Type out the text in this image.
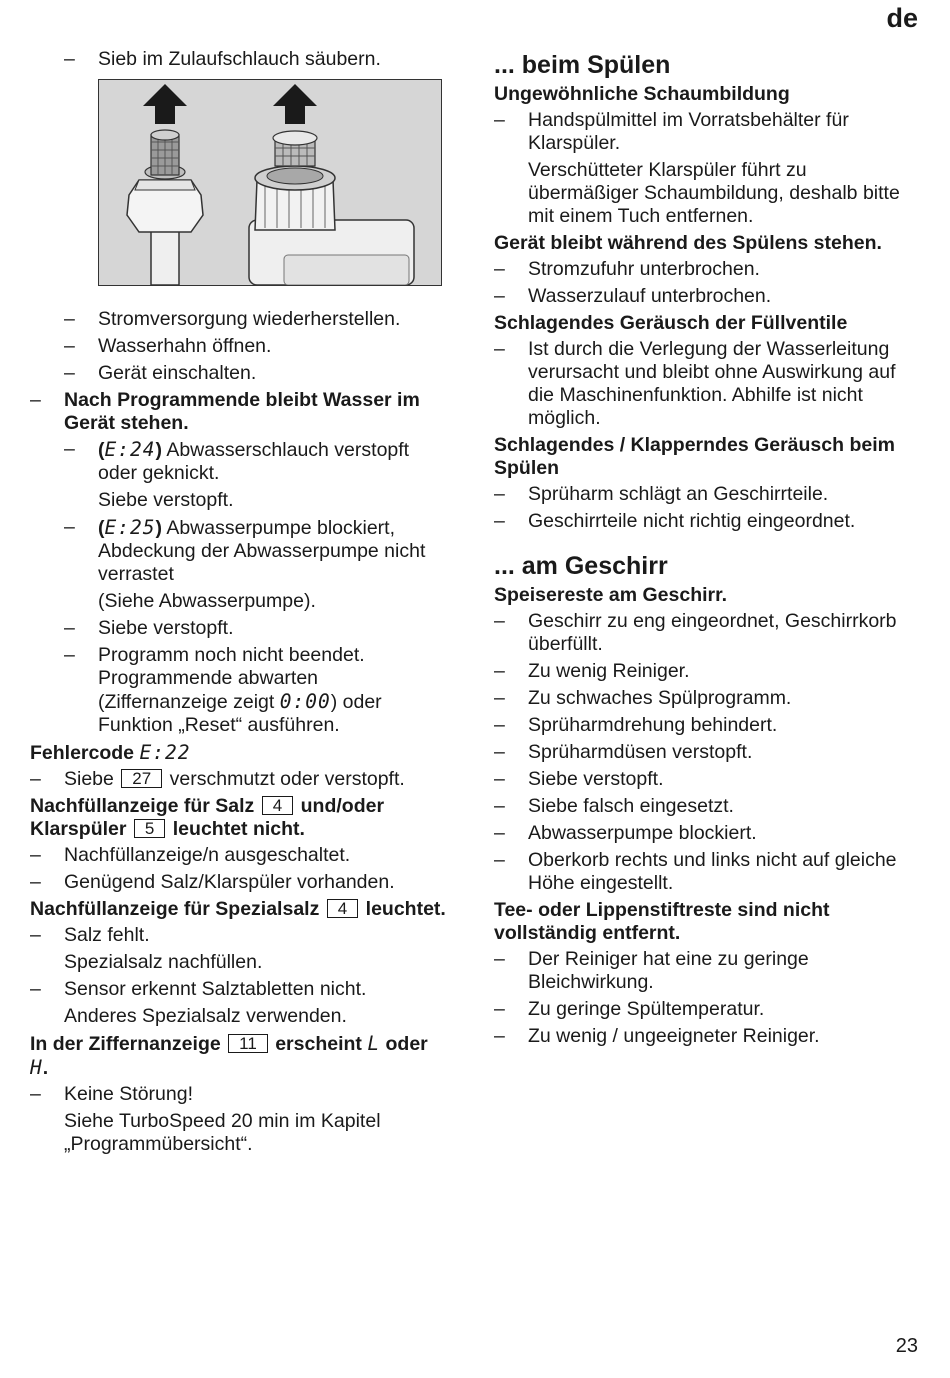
de
– Sieb im Zulaufschlauch säubern.
– Stromversorgung wiederherstellen.
– Wasserhahn öffnen.
– Gerät einschalten.
– Nach Programmende bleibt Wasser im Gerät stehen.
– (E:24) Abwasserschlauch verstopft oder geknickt.
Siebe verstopft.
– (E:25) Abwasserpumpe blockiert, Abdeckung der Abwasserpumpe nicht verrastet
(Siehe Abwasserpumpe).
– Siebe verstopft.
– Programm noch nicht beendet. Programmende abwarten (Ziffernanzeige zeigt 0:00) oder Funktion „Reset“ ausführen.
Fehlercode E:22
– Siebe 27 verschmutzt oder verstopft.
Nachfüllanzeige für Salz 4 und/oder Klarspüler 5 leuchtet nicht.
– Nachfüllanzeige/n ausgeschaltet.
– Genügend Salz/Klarspüler vorhanden.
Nachfüllanzeige für Spezialsalz 4 leuchtet.
– Salz fehlt.
Spezialsalz nachfüllen.
– Sensor erkennt Salztabletten nicht.
Anderes Spezialsalz verwenden.
In der Ziffernanzeige 11 erscheint L oder H.
– Keine Störung!
Siehe TurboSpeed 20 min im Kapitel „Programmübersicht“.
... beim Spülen
Ungewöhnliche Schaumbildung
– Handspülmittel im Vorratsbehälter für Klarspüler.
Verschütteter Klarspüler führt zu übermäßiger Schaumbildung, deshalb bitte mit einem Tuch entfernen.
Gerät bleibt während des Spülens stehen.
– Stromzufuhr unterbrochen.
– Wasserzulauf unterbrochen.
Schlagendes Geräusch der Füllventile
– Ist durch die Verlegung der Wasserleitung verursacht und bleibt ohne Auswirkung auf die Maschinenfunktion. Abhilfe ist nicht möglich.
Schlagendes / Klapperndes Geräusch beim Spülen
– Sprüharm schlägt an Geschirrteile.
– Geschirrteile nicht richtig eingeordnet.
... am Geschirr
Speisereste am Geschirr.
– Geschirr zu eng eingeordnet, Geschirrkorb überfüllt.
– Zu wenig Reiniger.
– Zu schwaches Spülprogramm.
– Sprüharmdrehung behindert.
– Sprüharmdüsen verstopft.
– Siebe verstopft.
– Siebe falsch eingesetzt.
– Abwasserpumpe blockiert.
– Oberkorb rechts und links nicht auf gleiche Höhe eingestellt.
Tee- oder Lippenstiftreste sind nicht vollständig entfernt.
– Der Reiniger hat eine zu geringe Bleichwirkung.
– Zu geringe Spültemperatur.
– Zu wenig / ungeeigneter Reiniger.
23
